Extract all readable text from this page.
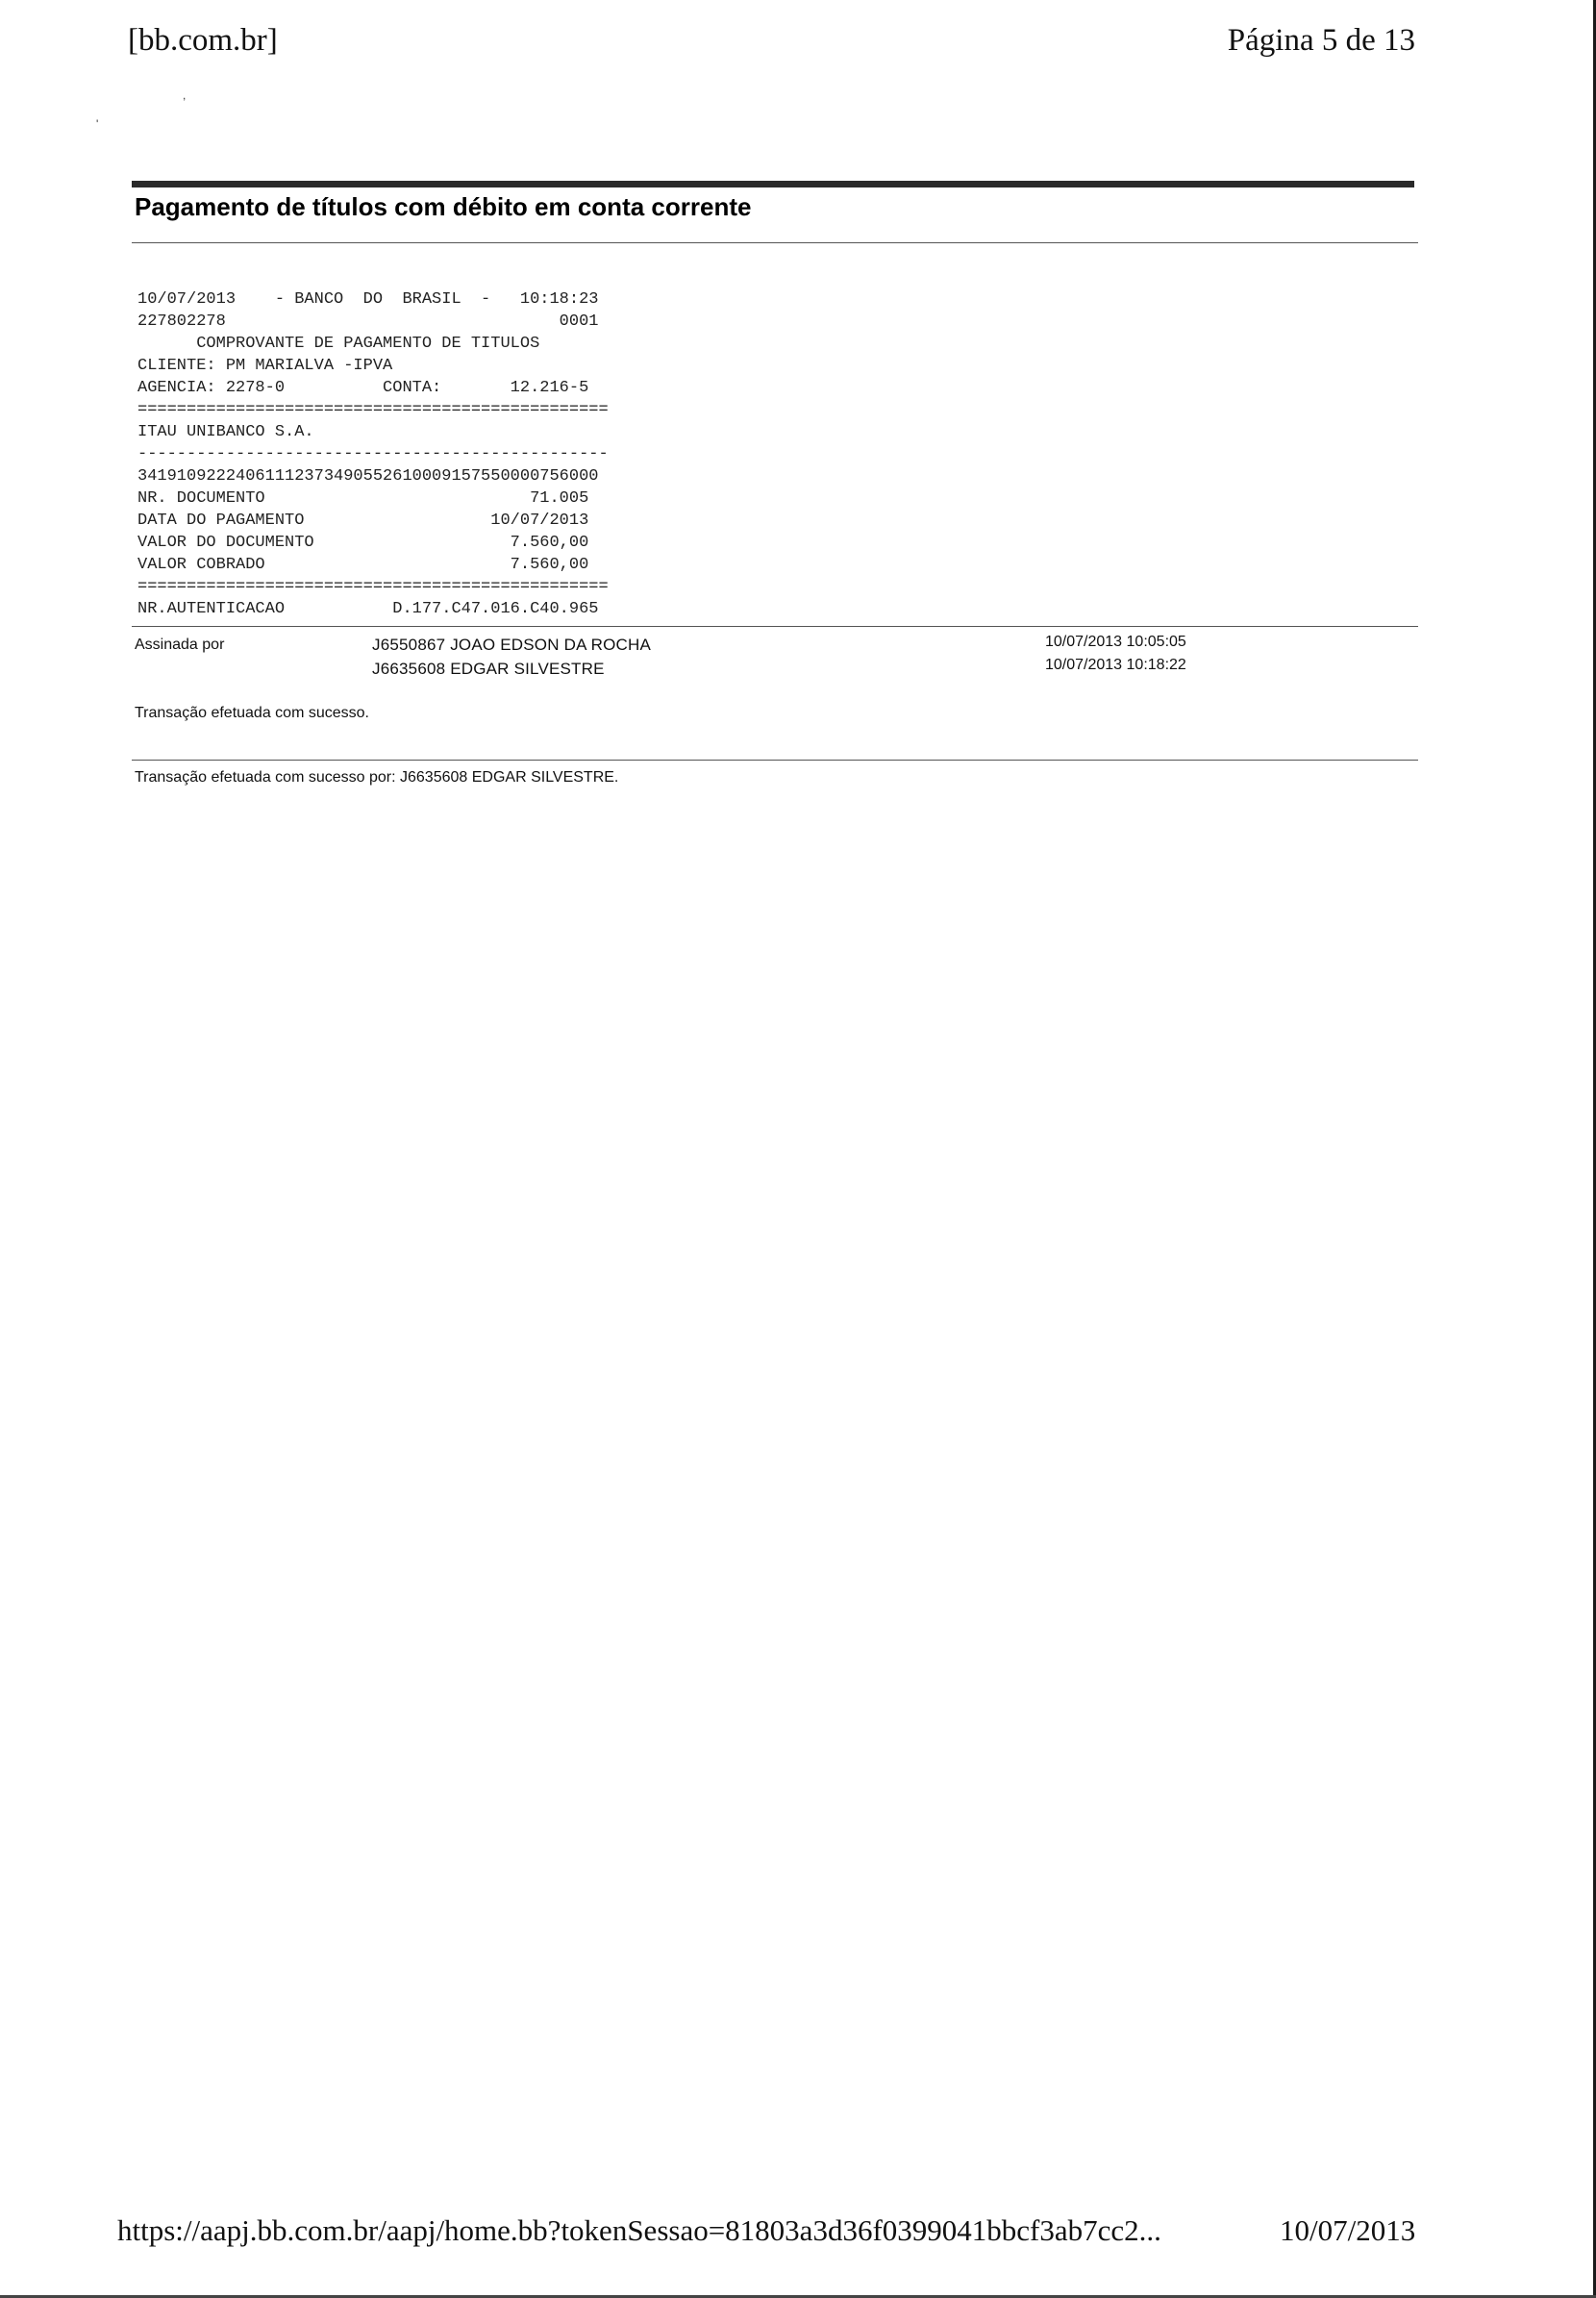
[bb.com.br]	Página 5 de 13
,
'
Pagamento de títulos com débito em conta corrente
10/07/2013    - BANCO  DO  BRASIL  -   10:18:23
227802278                                  0001
COMPROVANTE DE PAGAMENTO DE TITULOS
CLIENTE: PM MARIALVA -IPVA
AGENCIA: 2278-0          CONTA:       12.216-5
================================================
ITAU UNIBANCO S.A.
------------------------------------------------
34191092224061112373490552610009157550000756000
NR. DOCUMENTO                           71.005
DATA DO PAGAMENTO                   10/07/2013
VALOR DO DOCUMENTO                    7.560,00
VALOR COBRADO                         7.560,00
================================================
NR.AUTENTICACAO           D.177.C47.016.C40.965
Assinada por	J6550867 JOAO EDSON DA ROCHA	10/07/2013 10:05:05
J6635608 EDGAR SILVESTRE	10/07/2013 10:18:22
Transação efetuada com sucesso.
Transação efetuada com sucesso por: J6635608 EDGAR SILVESTRE.
https://aapj.bb.com.br/aapj/home.bb?tokenSessao=81803a3d36f0399041bbcf3ab7cc2...	10/07/2013
